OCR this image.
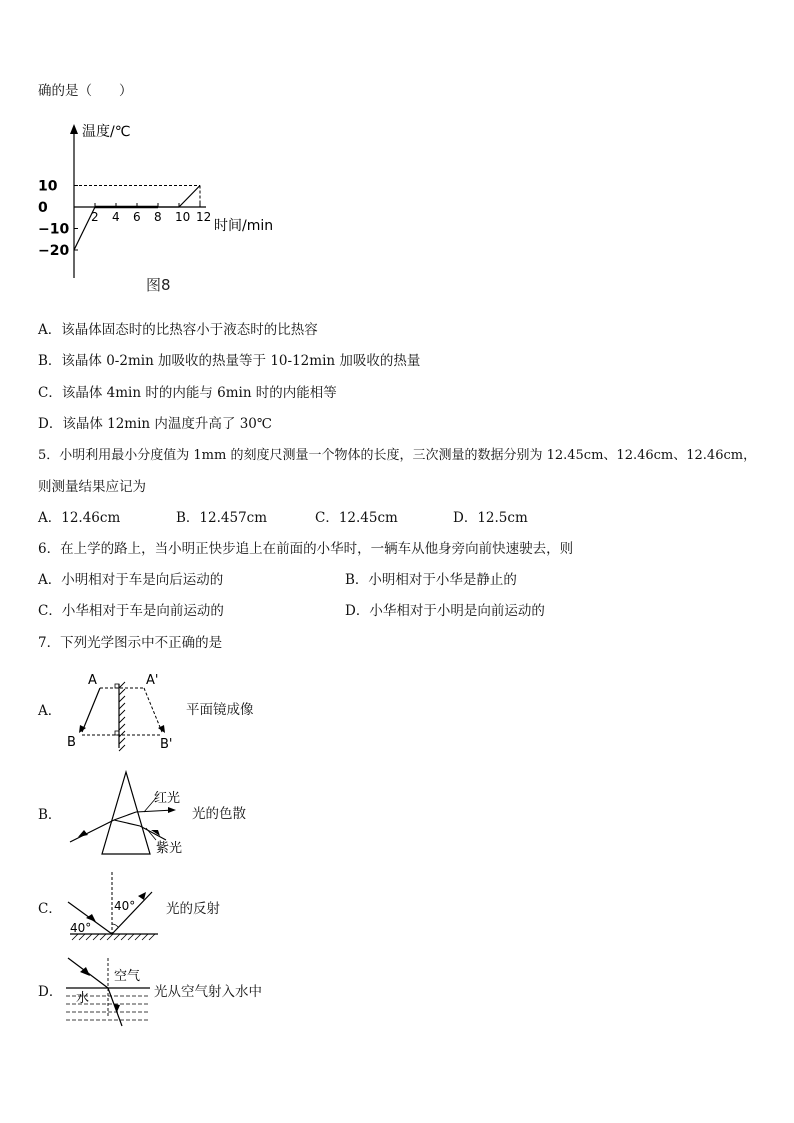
确的是（　　）
温度/℃
时间/min
2 4 6 8 10 12
10
0
−10
−20
图8
A．该晶体固态时的比热容小于液态时的比热容
B．该晶体 0-2min 加吸收的热量等于 10-12min 加吸收的热量
C．该晶体 4min 时的内能与 6min 时的内能相等
D．该晶体 12min 内温度升高了 30℃
5．小明利用最小分度值为 1mm 的刻度尺测量一个物体的长度，三次测量的数据分别为 12.45cm、12.46cm、12.46cm，
则测量结果应记为
A．12.46cm	B．12.457cm	C．12.45cm	D．12.5cm
6．在上学的路上，当小明正快步追上在前面的小华时，一辆车从他身旁向前快速驶去，则
A．小明相对于车是向后运动的	B．小明相对于小华是静止的
C．小华相对于车是向前运动的	D．小华相对于小明是向前运动的
7．下列光学图示中不正确的是
A．
A	A'
B	B'
平面镜成像
B．
红光
紫光
光的色散
C．	40°
40°
光的反射
D．
空气
水	光从空气射入水中
